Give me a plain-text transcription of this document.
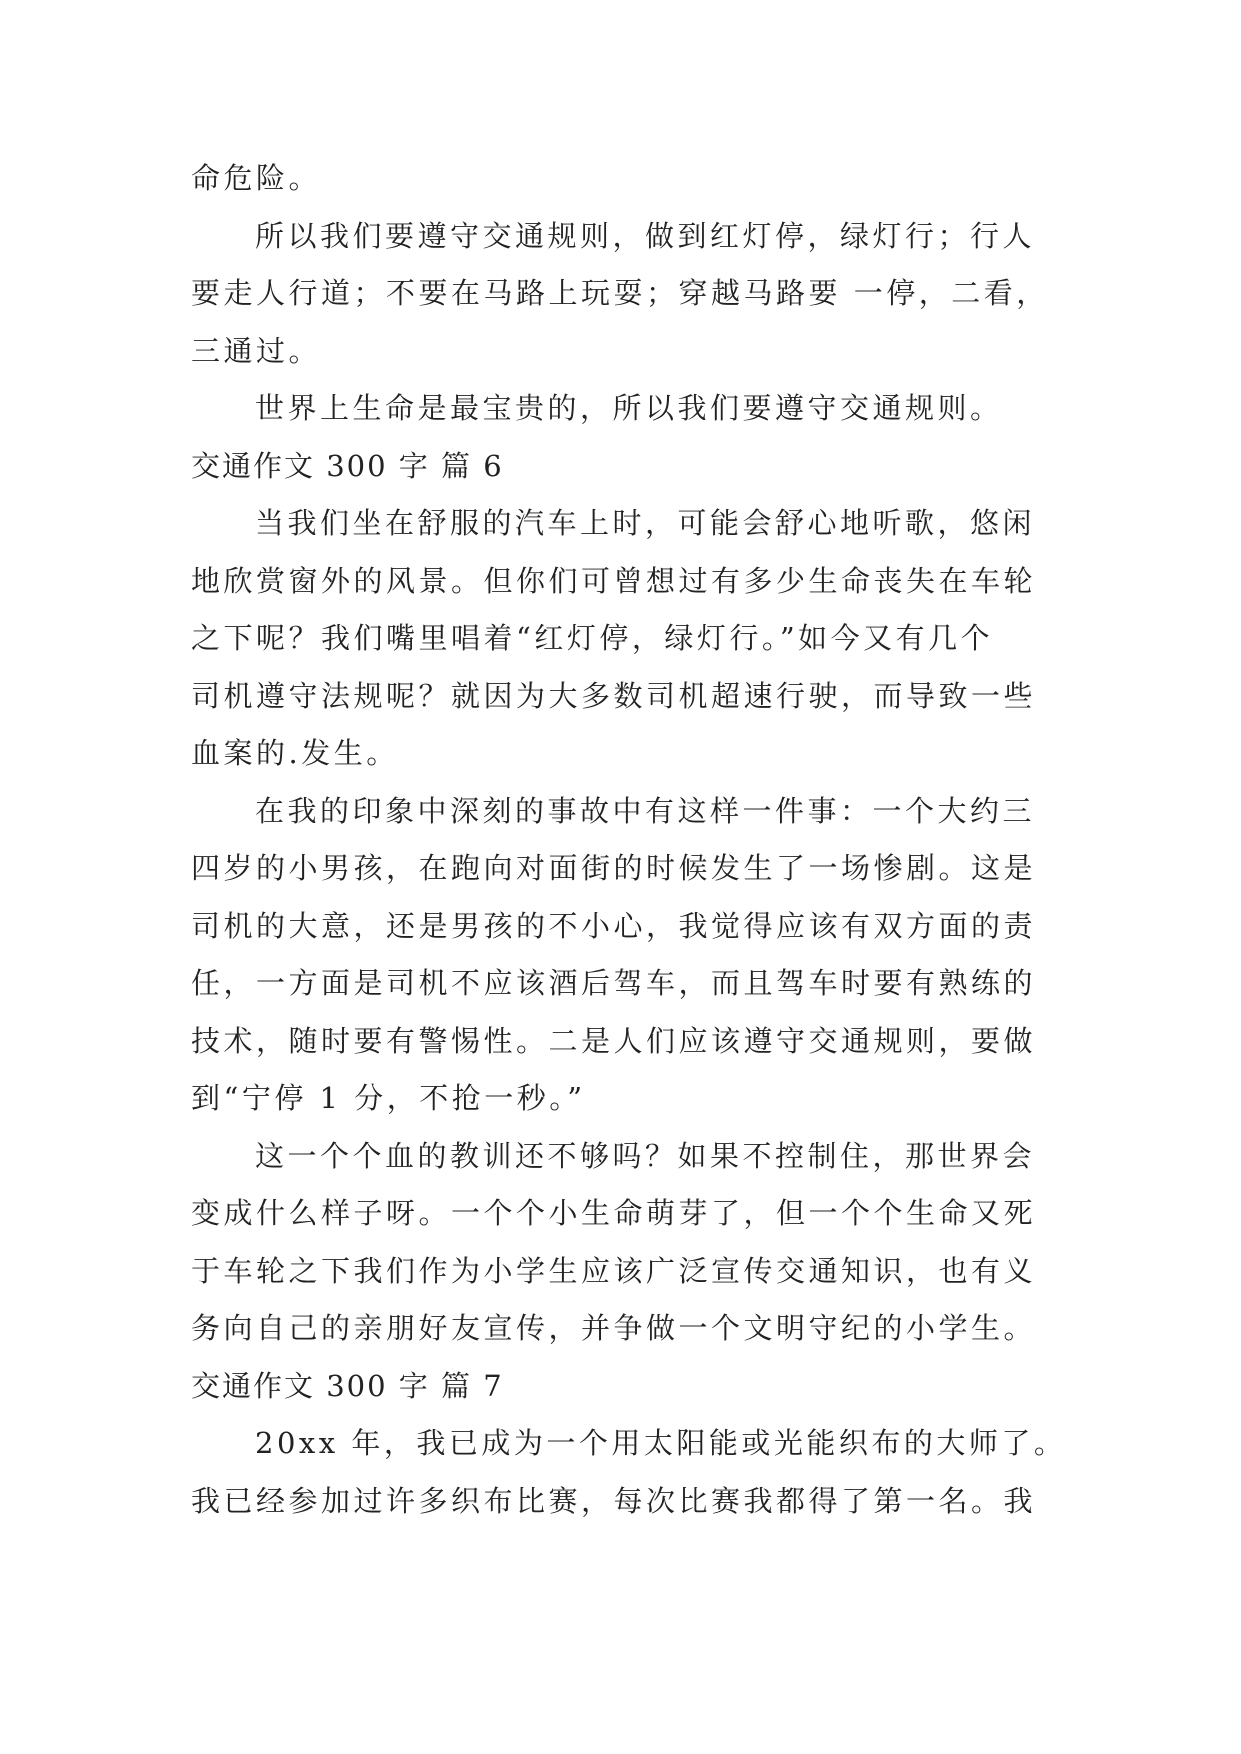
命危险。
所以我们要遵守交通规则，做到红灯停，绿灯行；行人
要走人行道；不要在马路上玩耍；穿越马路要 一停，二看，
三通过。
世界上生命是最宝贵的，所以我们要遵守交通规则。
交通作文 300 字 篇 6
当我们坐在舒服的汽车上时，可能会舒心地听歌，悠闲
地欣赏窗外的风景。但你们可曾想过有多少生命丧失在车轮
之下呢？我们嘴里唱着“红灯停，绿灯行。”如今又有几个
司机遵守法规呢？就因为大多数司机超速行驶，而导致一些
血案的.发生。
在我的印象中深刻的事故中有这样一件事：一个大约三
四岁的小男孩，在跑向对面街的时候发生了一场惨剧。这是
司机的大意，还是男孩的不小心，我觉得应该有双方面的责
任，一方面是司机不应该酒后驾车，而且驾车时要有熟练的
技术，随时要有警惕性。二是人们应该遵守交通规则，要做
到“宁停 1 分，不抢一秒。”
这一个个血的教训还不够吗？如果不控制住，那世界会
变成什么样子呀。一个个小生命萌芽了，但一个个生命又死
于车轮之下我们作为小学生应该广泛宣传交通知识，也有义
务向自己的亲朋好友宣传，并争做一个文明守纪的小学生。
交通作文 300 字 篇 7
20xx 年，我已成为一个用太阳能或光能织布的大师了。
我已经参加过许多织布比赛，每次比赛我都得了第一名。我
